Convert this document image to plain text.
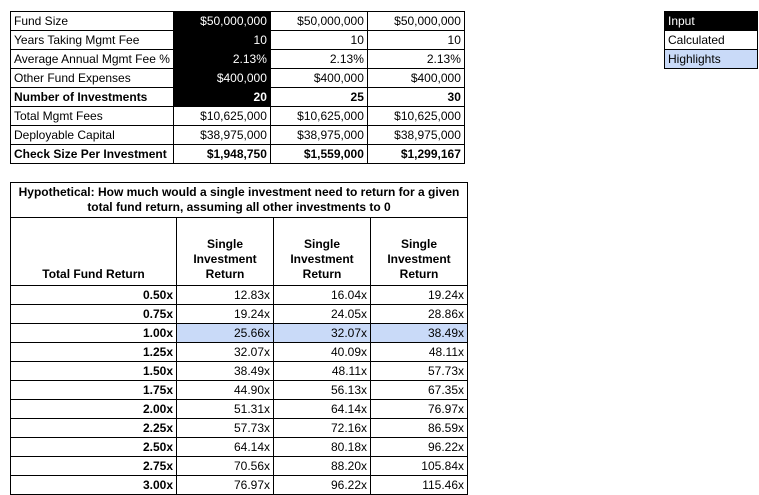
Fund Size	$50,000,000	$50,000,000	$50,000,000
Years Taking Mgmt Fee	10	10	10
Average Annual Mgmt Fee %	2.13%	2.13%	2.13%
Other Fund Expenses	$400,000	$400,000	$400,000
Number of Investments	20	25	30
Total Mgmt Fees	$10,625,000	$10,625,000	$10,625,000
Deployable Capital	$38,975,000	$38,975,000	$38,975,000
Check Size Per Investment	$1,948,750	$1,559,000	$1,299,167
Input
Calculated
Highlights
Hypothetical: How much would a single investment need to return for a given total fund return, assuming all other investments to 0			
Total Fund Return	Single Investment Return	Single Investment Return	Single Investment Return
0.50x	12.83x	16.04x	19.24x
0.75x	19.24x	24.05x	28.86x
1.00x	25.66x	32.07x	38.49x
1.25x	32.07x	40.09x	48.11x
1.50x	38.49x	48.11x	57.73x
1.75x	44.90x	56.13x	67.35x
2.00x	51.31x	64.14x	76.97x
2.25x	57.73x	72.16x	86.59x
2.50x	64.14x	80.18x	96.22x
2.75x	70.56x	88.20x	105.84x
3.00x	76.97x	96.22x	115.46x
